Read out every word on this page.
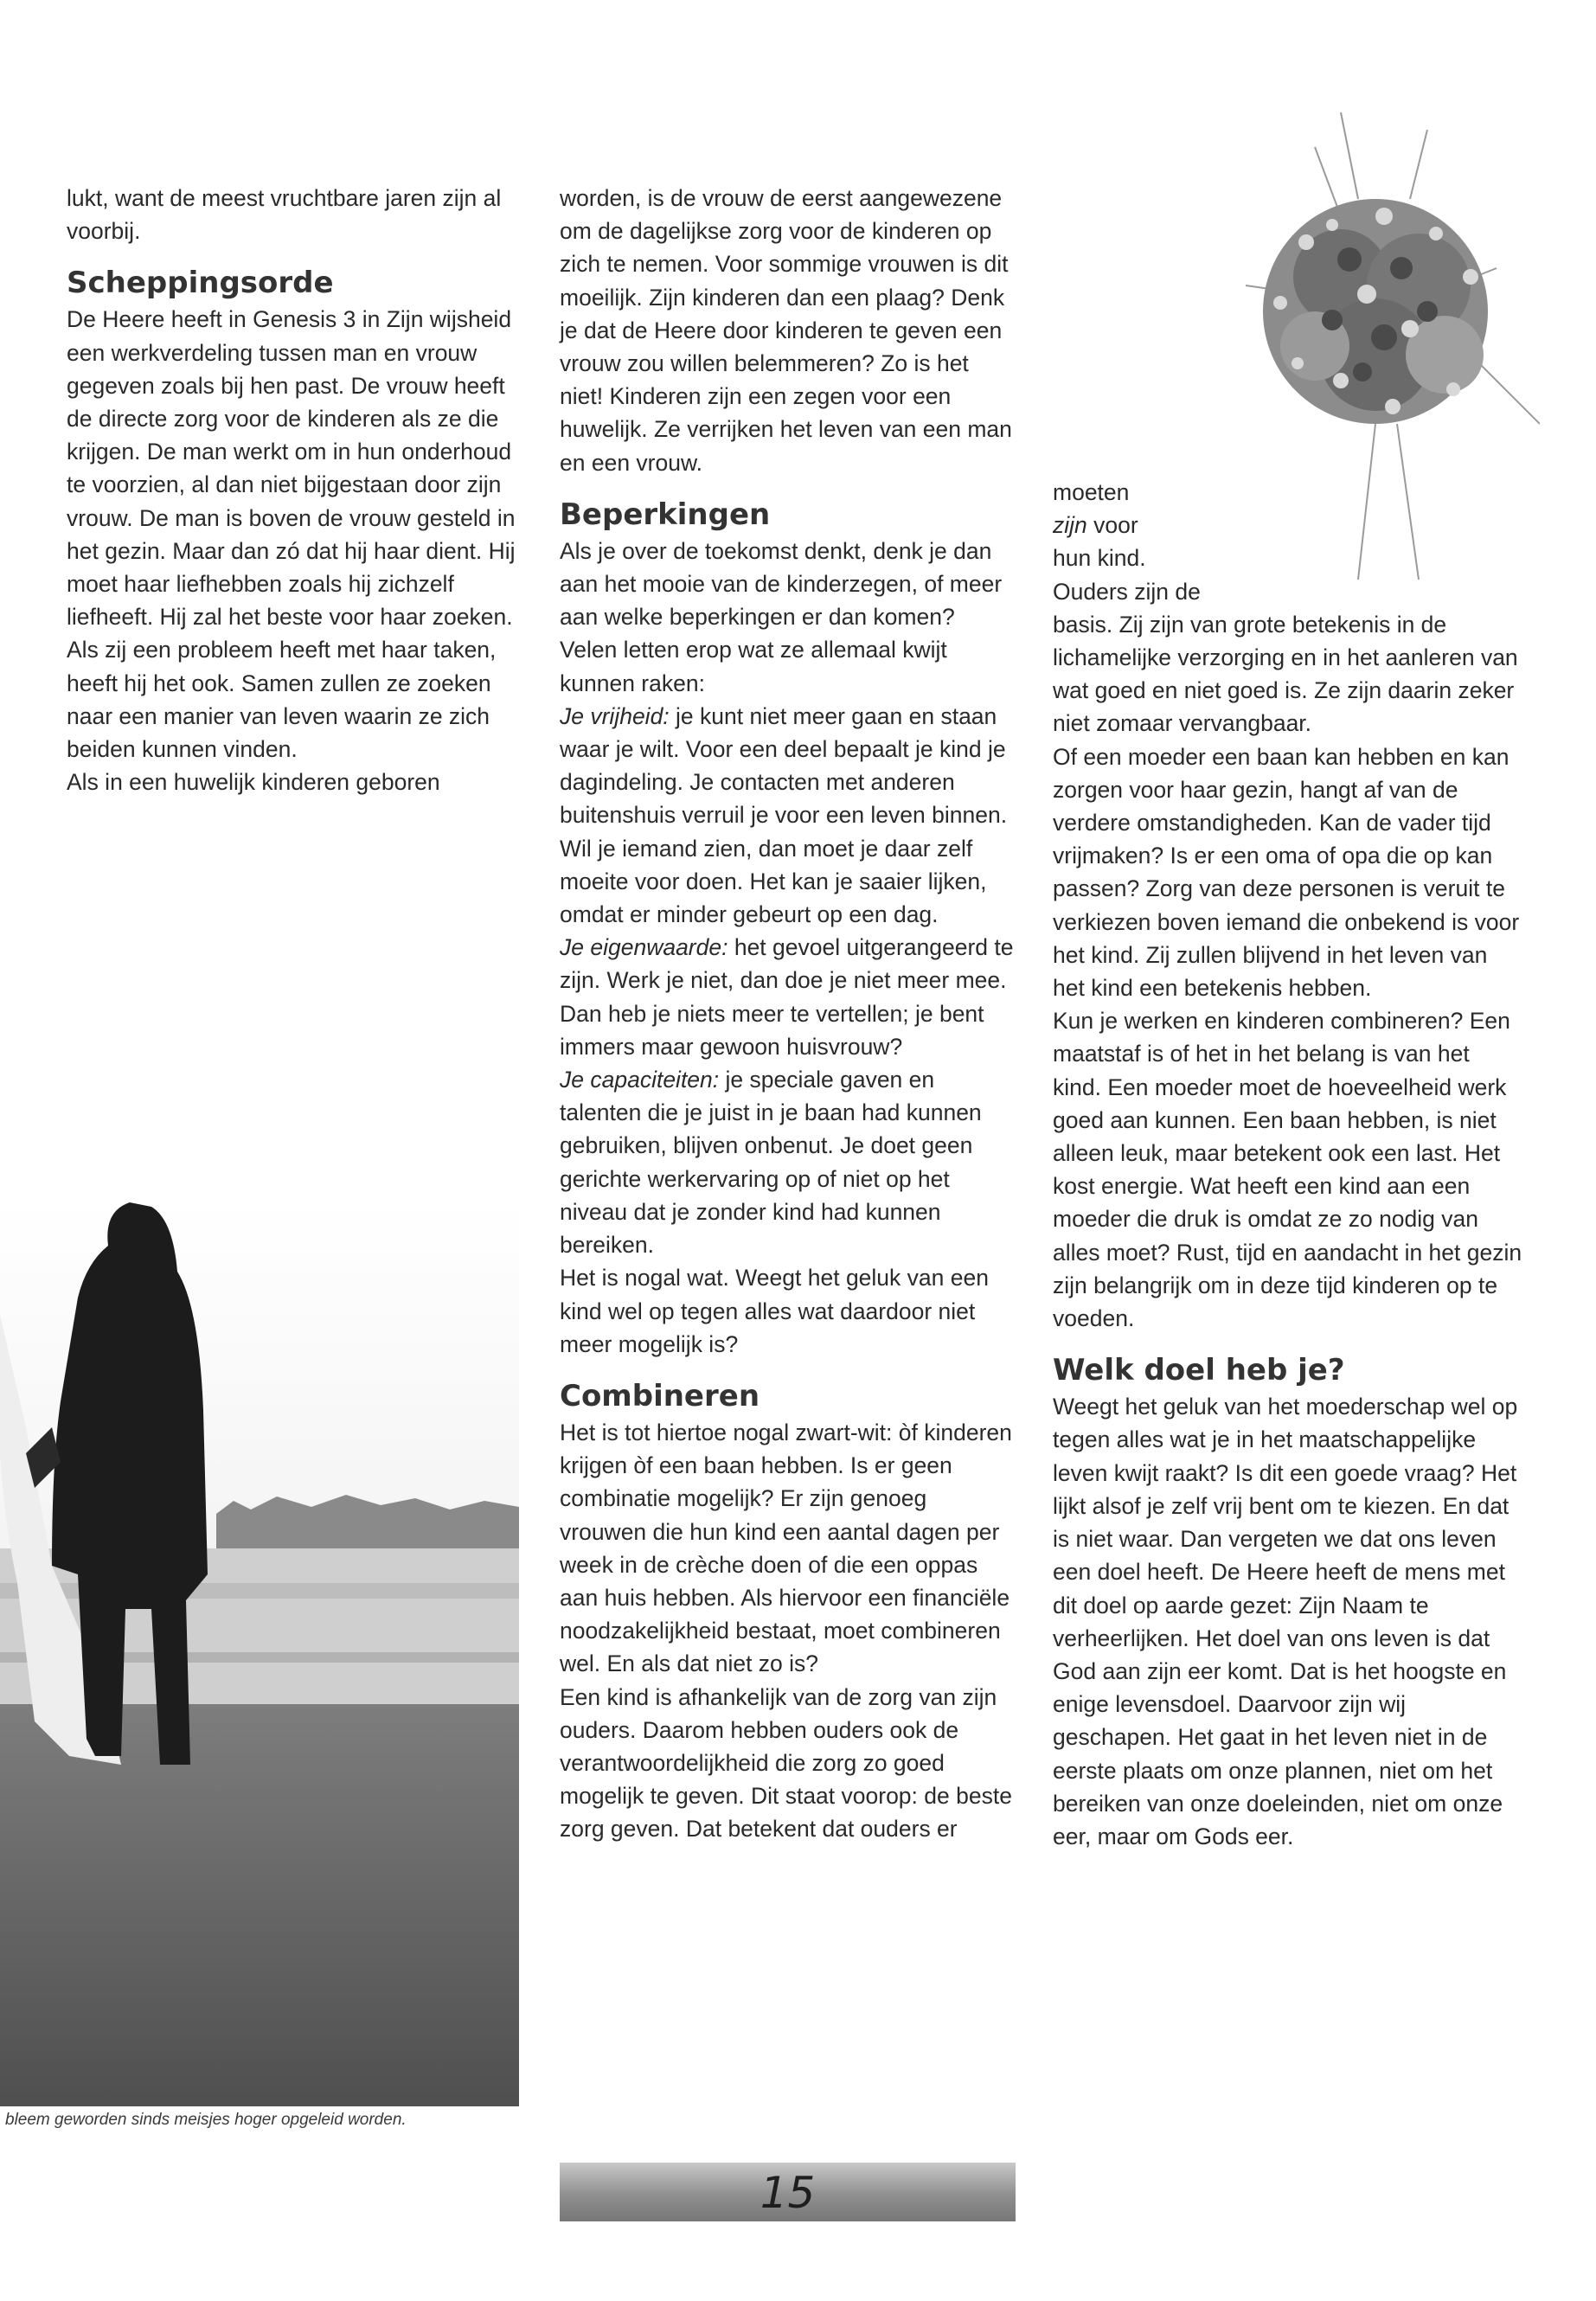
lukt, want de meest vruchtbare jaren zijn al voorbij.

Scheppingsorde

De Heere heeft in Genesis 3 in Zijn wijsheid een werkverdeling tussen man en vrouw gegeven zoals bij hen past. De vrouw heeft de directe zorg voor de kinderen als ze die krijgen. De man werkt om in hun onderhoud te voorzien, al dan niet bijgestaan door zijn vrouw. De man is boven de vrouw gesteld in het gezin. Maar dan zó dat hij haar dient. Hij moet haar liefhebben zoals hij zichzelf liefheeft. Hij zal het beste voor haar zoeken. Als zij een probleem heeft met haar taken, heeft hij het ook. Samen zullen ze zoeken naar een manier van leven waarin ze zich beiden kunnen vinden.

Als in een huwelijk kinderen geboren

bleem geworden sinds meisjes hoger opgeleid worden.

worden, is de vrouw de eerst aangewezene om de dagelijkse zorg voor de kinderen op zich te nemen. Voor sommige vrouwen is dit moeilijk. Zijn kinderen dan een plaag? Denk je dat de Heere door kinderen te geven een vrouw zou willen belemmeren? Zo is het niet! Kinderen zijn een zegen voor een huwelijk. Ze verrijken het leven van een man en een vrouw.

Beperkingen

Als je over de toekomst denkt, denk je dan aan het mooie van de kinderzegen, of meer aan welke beperkingen er dan komen? Velen letten erop wat ze allemaal kwijt kunnen raken:

Je vrijheid: je kunt niet meer gaan en staan waar je wilt. Voor een deel bepaalt je kind je dagindeling. Je contacten met anderen buitenshuis verruil je voor een leven binnen. Wil je iemand zien, dan moet je daar zelf moeite voor doen. Het kan je saaier lijken, omdat er minder gebeurt op een dag.

Je eigenwaarde: het gevoel uitgerangeerd te zijn. Werk je niet, dan doe je niet meer mee. Dan heb je niets meer te vertellen; je bent immers maar gewoon huisvrouw?

Je capaciteiten: je speciale gaven en talenten die je juist in je baan had kunnen gebruiken, blijven onbenut. Je doet geen gerichte werkervaring op of niet op het niveau dat je zonder kind had kunnen bereiken.

Het is nogal wat. Weegt het geluk van een kind wel op tegen alles wat daardoor niet meer mogelijk is?

Combineren

Het is tot hiertoe nogal zwart-wit: òf kinderen krijgen òf een baan hebben. Is er geen combinatie mogelijk? Er zijn genoeg vrouwen die hun kind een aantal dagen per week in de crèche doen of die een oppas aan huis hebben. Als hiervoor een financiële noodzakelijkheid bestaat, moet combineren wel. En als dat niet zo is?

Een kind is afhankelijk van de zorg van zijn ouders. Daarom hebben ouders ook de verantwoordelijkheid die zorg zo goed mogelijk te geven. Dit staat voorop: de beste zorg geven. Dat betekent dat ouders er

moeten

zijn voor

hun kind.

Ouders zijn de

basis. Zij zijn van grote betekenis in de lichamelijke verzorging en in het aanleren van wat goed en niet goed is. Ze zijn daarin zeker niet zomaar vervangbaar.

Of een moeder een baan kan hebben en kan zorgen voor haar gezin, hangt af van de verdere omstandigheden. Kan de vader tijd vrijmaken? Is er een oma of opa die op kan passen? Zorg van deze personen is veruit te verkiezen boven iemand die onbekend is voor het kind. Zij zullen blijvend in het leven van het kind een betekenis hebben.

Kun je werken en kinderen combineren? Een maatstaf is of het in het belang is van het kind. Een moeder moet de hoeveelheid werk goed aan kunnen. Een baan hebben, is niet alleen leuk, maar betekent ook een last. Het kost energie. Wat heeft een kind aan een moeder die druk is omdat ze zo nodig van alles moet? Rust, tijd en aandacht in het gezin zijn belangrijk om in deze tijd kinderen op te voeden.

Welk doel heb je?

Weegt het geluk van het moederschap wel op tegen alles wat je in het maatschappelijke leven kwijt raakt? Is dit een goede vraag? Het lijkt alsof je zelf vrij bent om te kiezen. En dat is niet waar. Dan vergeten we dat ons leven een doel heeft. De Heere heeft de mens met dit doel op aarde gezet: Zijn Naam te verheerlijken. Het doel van ons leven is dat God aan zijn eer komt. Dat is het hoogste en enige levensdoel. Daarvoor zijn wij geschapen. Het gaat in het leven niet in de eerste plaats om onze plannen, niet om het bereiken van onze doeleinden, niet om onze eer, maar om Gods eer.

15
